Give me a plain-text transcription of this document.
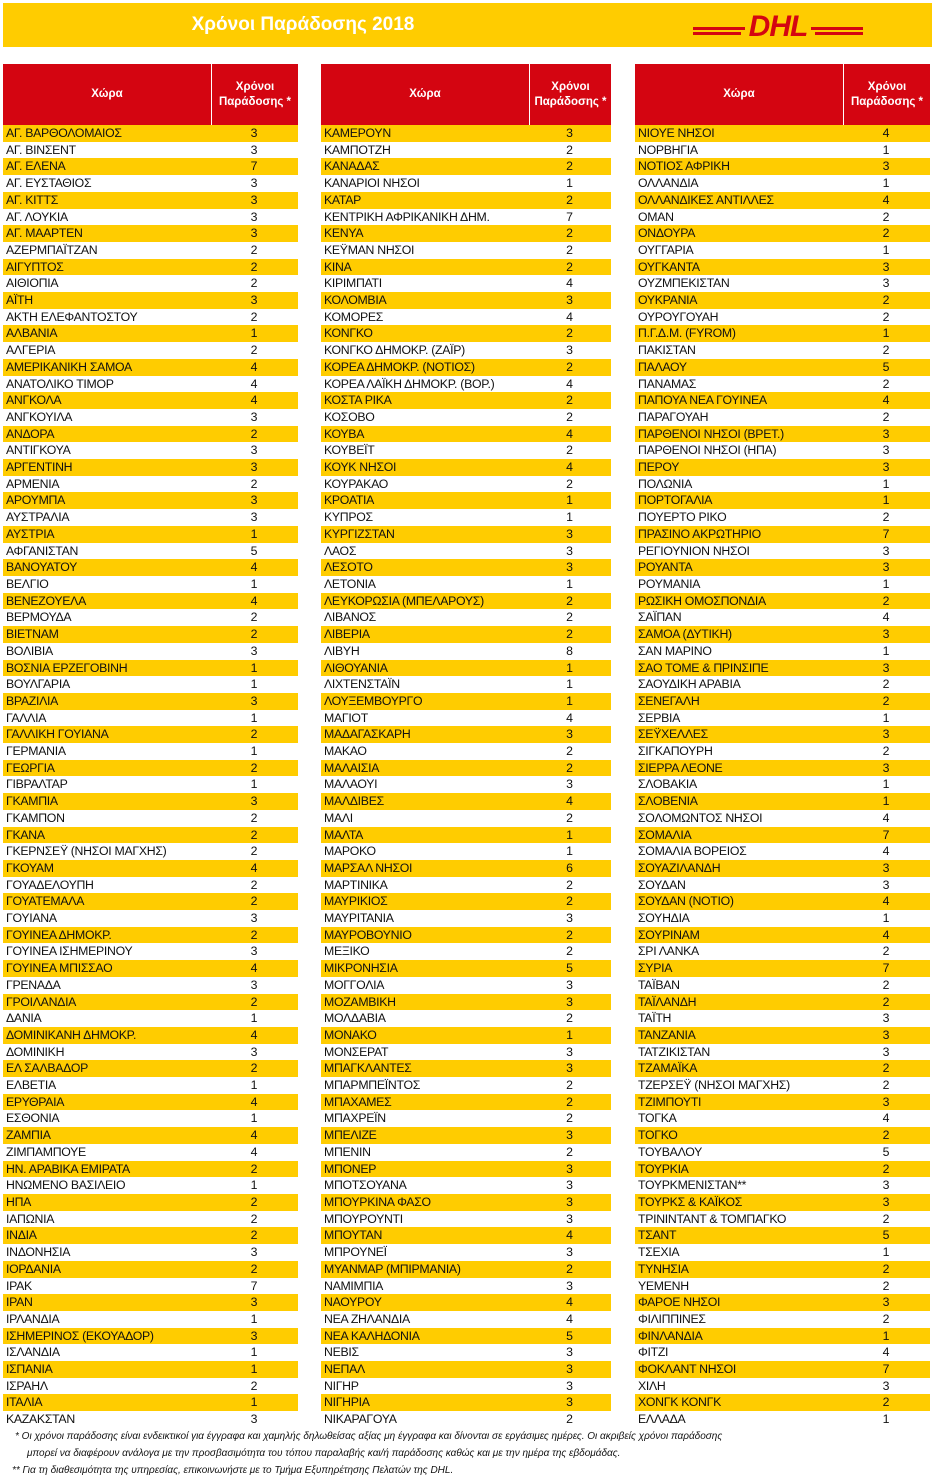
Χρόνοι Παράδοσης 2018	DHL
Χώρα
Χρόνοι Παράδοσης *
ΑΓ. ΒΑΡΘΟΛΟΜΑΙΟΣ	3
ΑΓ. ΒΙΝΣΕΝΤ	3
ΑΓ. ΕΛΕΝΑ	7
ΑΓ. ΕΥΣΤΑΘΙΟΣ	3
ΑΓ. ΚΙΤΤΣ	3
ΑΓ. ΛΟΥΚΙΑ	3
ΑΓ. ΜΑΑΡΤΕΝ	3
ΑΖΕΡΜΠΑΪΤΖΑΝ	2
ΑΙΓΥΠΤΟΣ	2
ΑΙΘΙΟΠΙΑ	2
ΑΪΤΗ	3
ΑΚΤΗ ΕΛΕΦΑΝΤΟΣΤΟΥ	2
ΑΛΒΑΝΙΑ	1
ΑΛΓΕΡΙΑ	2
ΑΜΕΡΙΚΑΝΙΚΗ ΣΑΜΟΑ	4
ΑΝΑΤΟΛΙΚΟ ΤΙΜΟΡ	4
ΑΝΓΚΟΛΑ	4
ΑΝΓΚΟΥΙΛΑ	3
ΑΝΔΟΡΑ	2
ΑΝΤΙΓΚΟΥΑ	3
ΑΡΓΕΝΤΙΝΗ	3
ΑΡΜΕΝΙΑ	2
ΑΡΟΥΜΠΑ	3
ΑΥΣΤΡΑΛΙΑ	3
ΑΥΣΤΡΙΑ	1
ΑΦΓΑΝΙΣΤΑΝ	5
ΒΑΝΟΥΑΤΟΥ	4
ΒΕΛΓΙΟ	1
ΒΕΝΕΖΟΥΕΛΑ	4
ΒΕΡΜΟΥΔΑ	2
ΒΙΕΤΝΑΜ	2
ΒΟΛΙΒΙΑ	3
ΒΟΣΝΙΑ ΕΡΖΕΓΟΒΙΝΗ	1
ΒΟΥΛΓΑΡΙΑ	1
ΒΡΑΖΙΛΙΑ	3
ΓΑΛΛΙΑ	1
ΓΑΛΛΙΚΗ ΓΟΥΙΑΝΑ	2
ΓΕΡΜΑΝΙΑ	1
ΓΕΩΡΓΙΑ	2
ΓΙΒΡΑΛΤΑΡ	1
ΓΚΑΜΠΙΑ	3
ΓΚΑΜΠΟΝ	2
ΓΚΑΝΑ	2
ΓΚΕΡΝΣΕΫ (ΝΗΣΟΙ ΜΑΓΧΗΣ)	2
ΓΚΟΥΑΜ	4
ΓΟΥΑΔΕΛΟΥΠΗ	2
ΓΟΥΑΤΕΜΑΛΑ	2
ΓΟΥΙΑΝΑ	3
ΓΟΥΙΝΕΑ ΔΗΜΟΚΡ.	2
ΓΟΥΙΝΕΑ ΙΣΗΜΕΡΙΝΟΥ	3
ΓΟΥΙΝΕΑ ΜΠΙΣΣΑΟ	4
ΓΡΕΝΑΔΑ	3
ΓΡΟΙΛΑΝΔΙΑ	2
ΔΑΝΙΑ	1
ΔΟΜΙΝΙΚΑΝΗ ΔΗΜΟΚΡ.	4
ΔΟΜΙΝΙΚΗ	3
ΕΛ ΣΑΛΒΑΔΟΡ	2
ΕΛΒΕΤΙΑ	1
ΕΡΥΘΡΑΙΑ	4
ΕΣΘΟΝΙΑ	1
ΖΑΜΠΙΑ	4
ΖΙΜΠΑΜΠΟΥΕ	4
ΗΝ. ΑΡΑΒΙΚΑ ΕΜΙΡΑΤΑ	2
ΗΝΩΜΕΝΟ ΒΑΣΙΛΕΙΟ	1
ΗΠΑ	2
ΙΑΠΩΝΙΑ	2
ΙΝΔΙΑ	2
ΙΝΔΟΝΗΣΙΑ	3
ΙΟΡΔΑΝΙΑ	2
ΙΡΑΚ	7
ΙΡΑΝ	3
ΙΡΛΑΝΔΙΑ	1
ΙΣΗΜΕΡΙΝΟΣ (ΕΚΟΥΑΔΟΡ)	3
ΙΣΛΑΝΔΙΑ	1
ΙΣΠΑΝΙΑ	1
ΙΣΡΑΗΛ	2
ΙΤΑΛΙΑ	1
ΚΑΖΑΚΣΤΑΝ	3
Χώρα
Χρόνοι Παράδοσης *
ΚΑΜΕΡΟΥΝ	3
ΚΑΜΠΟΤΖΗ	2
ΚΑΝΑΔΑΣ	2
ΚΑΝΑΡΙΟΙ ΝΗΣΟΙ	1
ΚΑΤΑΡ	2
ΚΕΝΤΡΙΚΗ ΑΦΡΙΚΑΝΙΚΗ ΔΗΜ.	7
ΚΕΝΥΑ	2
ΚΕΫΜΑΝ ΝΗΣΟΙ	2
ΚΙΝΑ	2
ΚΙΡΙΜΠΑΤΙ	4
ΚΟΛΟΜΒΙΑ	3
ΚΟΜΟΡΕΣ	4
ΚΟΝΓΚΟ	2
ΚΟΝΓΚΟ ΔΗΜΟΚΡ. (ΖΑΪΡ)	3
ΚΟΡΕΑ ΔΗΜΟΚΡ. (ΝΟΤΙΟΣ)	2
ΚΟΡΕΑ ΛΑΪΚΗ ΔΗΜΟΚΡ. (ΒΟΡ.)	4
ΚΟΣΤΑ ΡΙΚΑ	2
ΚΟΣΟΒΟ	2
ΚΟΥΒΑ	4
ΚΟΥΒΕΪΤ	2
ΚΟΥΚ ΝΗΣΟΙ	4
ΚΟΥΡΑΚΑΟ	2
ΚΡΟΑΤΙΑ	1
ΚΥΠΡΟΣ	1
ΚΥΡΓΙΖΣΤΑΝ	3
ΛΑΟΣ	3
ΛΕΣΟΤΟ	3
ΛΕΤΟΝΙΑ	1
ΛΕΥΚΟΡΩΣΙΑ (ΜΠΕΛΑΡΟΥΣ)	2
ΛΙΒΑΝΟΣ	2
ΛΙΒΕΡΙΑ	2
ΛΙΒΥΗ	8
ΛΙΘΟΥΑΝΙΑ	1
ΛΙΧΤΕΝΣΤΑΪΝ	1
ΛΟΥΞΕΜΒΟΥΡΓΟ	1
ΜΑΓΙΟΤ	4
ΜΑΔΑΓΑΣΚΑΡΗ	3
ΜΑΚΑΟ	2
ΜΑΛΑΙΣΙΑ	2
ΜΑΛΑΟΥΙ	3
ΜΑΛΔΙΒΕΣ	4
ΜΑΛΙ	2
ΜΑΛΤΑ	1
ΜΑΡΟΚΟ	1
ΜΑΡΣΑΛ ΝΗΣΟΙ	6
ΜΑΡΤΙΝΙΚΑ	2
ΜΑΥΡΙΚΙΟΣ	2
ΜΑΥΡΙΤΑΝΙΑ	3
ΜΑΥΡΟΒΟΥΝΙΟ	2
ΜΕΞΙΚΟ	2
ΜΙΚΡΟΝΗΣΙΑ	5
ΜΟΓΓΟΛΙΑ	3
ΜΟΖΑΜΒΙΚΗ	3
ΜΟΛΔΑΒΙΑ	2
ΜΟΝΑΚΟ	1
ΜΟΝΣΕΡΑΤ	3
ΜΠΑΓΚΛΑΝΤΕΣ	3
ΜΠΑΡΜΠΕΪΝΤΟΣ	2
ΜΠΑΧΑΜΕΣ	2
ΜΠΑΧΡΕΪΝ	2
ΜΠΕΛΙΖΕ	3
ΜΠΕΝΙΝ	2
ΜΠΟΝΕΡ	3
ΜΠΟΤΣΟΥΑΝΑ	3
ΜΠΟΥΡΚΙΝΑ ΦΑΣΟ	3
ΜΠΟΥΡΟΥΝΤΙ	3
ΜΠΟΥΤΑΝ	4
ΜΠΡΟΥΝΕΪ	3
ΜΥΑΝΜΑΡ (ΜΠΙΡΜΑΝΙΑ)	2
ΝΑΜΙΜΠΙΑ	3
ΝΑΟΥΡΟΥ	4
ΝΕΑ ΖΗΛΑΝΔΙΑ	4
ΝΕΑ ΚΑΛΗΔΟΝΙΑ	5
ΝΕΒΙΣ	3
ΝΕΠΑΛ	3
ΝΙΓΗΡ	3
ΝΙΓΗΡΙΑ	3
ΝΙΚΑΡΑΓΟΥΑ	2
Χώρα
Χρόνοι Παράδοσης *
ΝΙΟΥΕ ΝΗΣΟΙ	4
ΝΟΡΒΗΓΙΑ	1
ΝΟΤΙΟΣ ΑΦΡΙΚΗ	3
ΟΛΛΑΝΔΙΑ	1
ΟΛΛΑΝΔΙΚΕΣ ΑΝΤΙΛΛΕΣ	4
ΟΜΑΝ	2
ΟΝΔΟΥΡΑ	2
ΟΥΓΓΑΡΙΑ	1
ΟΥΓΚΑΝΤΑ	3
ΟΥΖΜΠΕΚΙΣΤΑΝ	3
ΟΥΚΡΑΝΙΑ	2
ΟΥΡΟΥΓΟΥΑΗ	2
Π.Γ.Δ.Μ. (FYROM)	1
ΠΑΚΙΣΤΑΝ	2
ΠΑΛΑΟΥ	5
ΠΑΝΑΜΑΣ	2
ΠΑΠΟΥΑ ΝΕΑ ΓΟΥΙΝΕΑ	4
ΠΑΡΑΓΟΥΑΗ	2
ΠΑΡΘΕΝΟΙ ΝΗΣΟΙ (ΒΡΕΤ.)	3
ΠΑΡΘΕΝΟΙ ΝΗΣΟΙ (ΗΠΑ)	3
ΠΕΡΟΥ	3
ΠΟΛΩΝΙΑ	1
ΠΟΡΤΟΓΑΛΙΑ	1
ΠΟΥΕΡΤΟ ΡΙΚΟ	2
ΠΡΑΣΙΝΟ ΑΚΡΩΤΗΡΙΟ	7
ΡΕΓΙΟΥΝΙΟΝ ΝΗΣΟΙ	3
ΡΟΥΑΝΤΑ	3
ΡΟΥΜΑΝΙΑ	1
ΡΩΣΙΚΗ ΟΜΟΣΠΟΝΔΙΑ	2
ΣΑΪΠΑΝ	4
ΣΑΜΟΑ (ΔΥΤΙΚΗ)	3
ΣΑΝ ΜΑΡΙΝΟ	1
ΣΑΟ ΤΟΜΕ & ΠΡΙΝΣΙΠΕ	3
ΣΑΟΥΔΙΚΗ ΑΡΑΒΙΑ	2
ΣΕΝΕΓΑΛΗ	2
ΣΕΡΒΙΑ	1
ΣΕΫΧΕΛΛΕΣ	3
ΣΙΓΚΑΠΟΥΡΗ	2
ΣΙΕΡΡΑ ΛΕΟΝΕ	3
ΣΛΟΒΑΚΙΑ	1
ΣΛΟΒΕΝΙΑ	1
ΣΟΛΟΜΩΝΤΟΣ ΝΗΣΟΙ	4
ΣΟΜΑΛΙΑ	7
ΣΟΜΑΛΙΑ ΒΟΡΕΙΟΣ	4
ΣΟΥΑΖΙΛΑΝΔΗ	3
ΣΟΥΔΑΝ	3
ΣΟΥΔΑΝ (ΝΟΤΙΟ)	4
ΣΟΥΗΔΙΑ	1
ΣΟΥΡΙΝΑΜ	4
ΣΡΙ ΛΑΝΚΑ	2
ΣΥΡΙΑ	7
ΤΑΪΒΑΝ	2
ΤΑΪΛΑΝΔΗ	2
ΤΑΪΤΗ	3
ΤΑΝΖΑΝΙΑ	3
ΤΑΤΖΙΚΙΣΤΑΝ	3
ΤΖΑΜΑΪΚΑ	2
ΤΖΕΡΣΕΫ (ΝΗΣΟΙ ΜΑΓΧΗΣ)	2
ΤΖΙΜΠΟΥΤΙ	3
ΤΟΓΚΑ	4
ΤΟΓΚΟ	2
ΤΟΥΒΑΛΟΥ	5
ΤΟΥΡΚΙΑ	2
ΤΟΥΡΚΜΕΝΙΣΤΑΝ**	3
ΤΟΥΡΚΣ & ΚΑΪΚΟΣ	3
ΤΡΙΝΙΝΤΑΝΤ & ΤΟΜΠΑΓΚΟ	2
ΤΣΑΝΤ	5
ΤΣΕΧΙΑ	1
ΤΥΝΗΣΙΑ	2
ΥΕΜΕΝΗ	2
ΦΑΡΟΕ ΝΗΣΟΙ	3
ΦΙΛΙΠΠΙΝΕΣ	2
ΦΙΝΛΑΝΔΙΑ	1
ΦΙΤΖΙ	4
ΦΟΚΛΑΝΤ ΝΗΣΟΙ	7
ΧΙΛΗ	3
ΧΟΝΓΚ ΚΟΝΓΚ	2
ΕΛΛΑΔΑ	1

* Οι χρόνοι παράδοσης είναι ενδεικτικοί για έγγραφα και χαμηλής δηλωθείσας αξίας μη έγγραφα και δίνονται σε εργάσιμες ημέρες. Οι ακριβείς χρόνοι παράδοσης

μπορεί να διαφέρουν ανάλογα με την προσβασιμότητα του τόπου παραλαβής και/ή παράδοσης καθώς και με την ημέρα της εβδομάδας.

** Για τη διαθεσιμότητα της υπηρεσίας, επικοινωνήστε με το Τμήμα Εξυπηρέτησης Πελατών της DHL.
